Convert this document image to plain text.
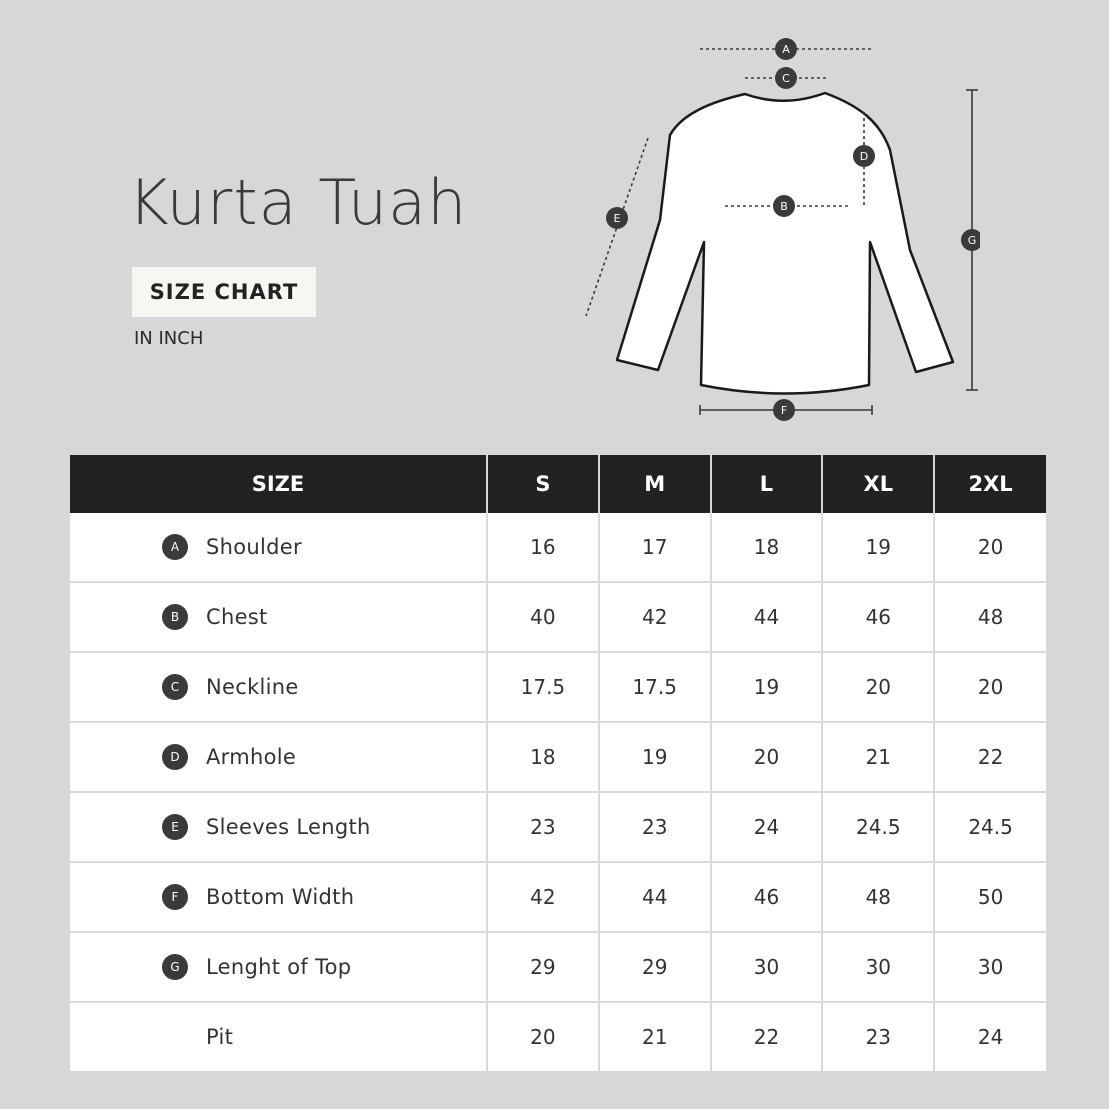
Kurta Tuah
SIZE CHART
IN INCH
A
B
C
D
E
F
G
SIZE	S	M	L	XL	2XL

A Shoulder	16	17	18	19	20

B Chest	40	42	44	46	48

C Neckline	17.5	17.5	19	20	20

D Armhole	18	19	20	21	22

E Sleeves Length	23	23	24	24.5	24.5

F Bottom Width	42	44	46	48	50

G Lenght of Top	29	29	30	30	30

Pit	20	21	22	23	24
